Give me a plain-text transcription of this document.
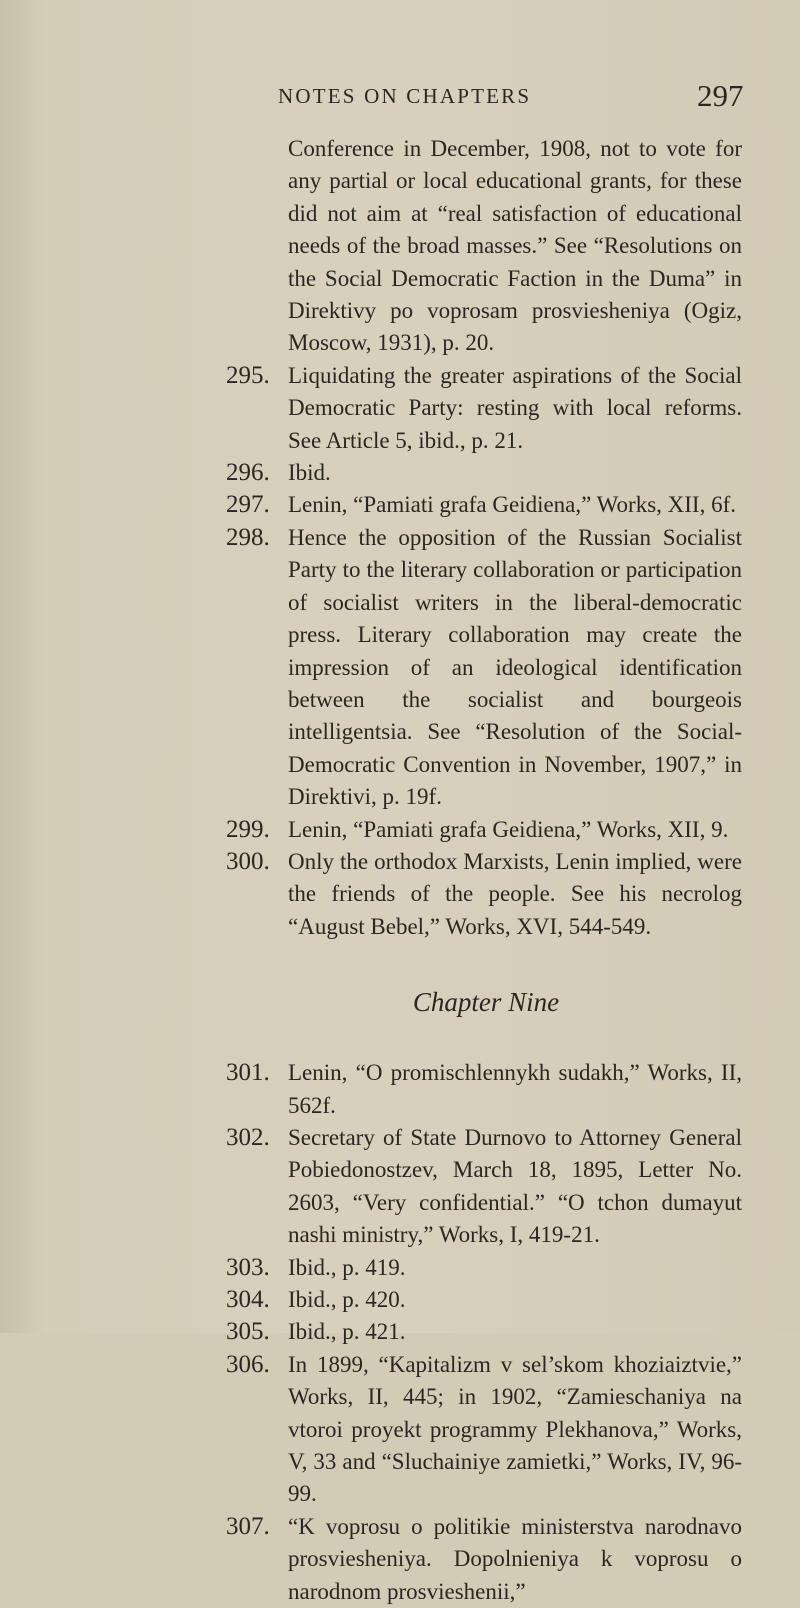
NOTES ON CHAPTERS	297
Conference in December, 1908, not to vote for any partial or local educational grants, for these did not aim at “real satisfaction of educational needs of the broad masses.” See “Resolutions on the Social Democratic Faction in the Duma” in Direktivy po voprosam prosviesheniya (Ogiz, Moscow, 1931), p. 20.
295. Liquidating the greater aspirations of the Social Democratic Party: resting with local reforms. See Article 5, ibid., p. 21.
296. Ibid.
297. Lenin, “Pamiati grafa Geidiena,” Works, XII, 6f.
298. Hence the opposition of the Russian Socialist Party to the literary collaboration or participation of socialist writers in the liberal-democratic press. Literary collaboration may create the impression of an ideological identification between the socialist and bourgeois intelligentsia. See “Resolution of the Social-Democratic Convention in November, 1907,” in Direktivi, p. 19f.
299. Lenin, “Pamiati grafa Geidiena,” Works, XII, 9.
300. Only the orthodox Marxists, Lenin implied, were the friends of the people. See his necrolog “August Bebel,” Works, XVI, 544-549.
Chapter Nine
301. Lenin, “O promischlennykh sudakh,” Works, II, 562f.
302. Secretary of State Durnovo to Attorney General Pobiedonostzev, March 18, 1895, Letter No. 2603, “Very confidential.” “O tchon dumayut nashi ministry,” Works, I, 419-21.
303. Ibid., p. 419.
304. Ibid., p. 420.
305. Ibid., p. 421.
306. In 1899, “Kapitalizm v sel’skom khoziaiztvie,” Works, II, 445; in 1902, “Zamieschaniya na vtoroi proyekt programmy Plekhanova,” Works, V, 33 and “Sluchainiye zamietki,” Works, IV, 96-99.
307. “K voprosu o politikie ministerstva narodnavo prosviesheniya. Dopolnieniya k voprosu o narodnom prosvieshenii,”
